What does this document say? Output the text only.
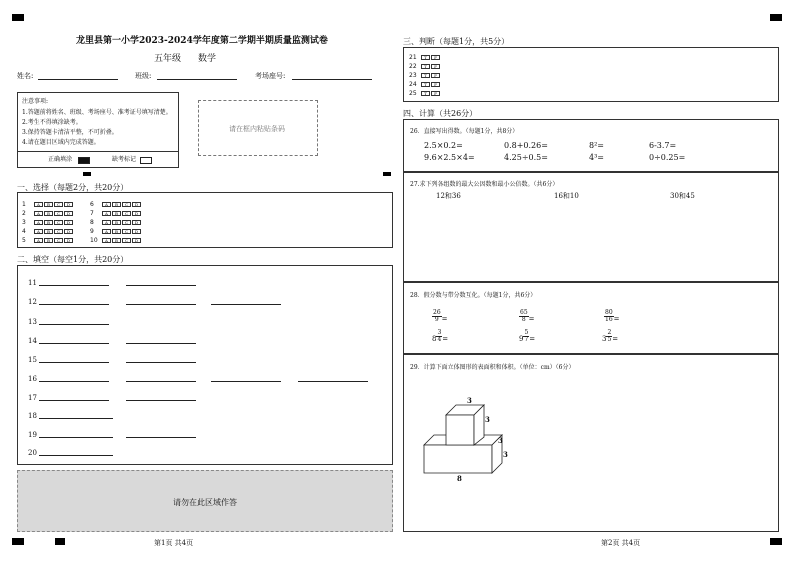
龙里县第一小学2023-2024学年度第二学期半期质量监测试卷
五年级 数学
姓名:	班级:	考场座号:
注意事项:
1.答题前将姓名、班级、考场座号、准考证号填写清楚。
2.考生不得填涂缺考。
3.保持答题卡清洁平整，不可折叠。
4.请在题目区域内完成答题。
正确填涂	缺考标记
请在框内粘贴条码
一、选择（每题2分，共20分）
1	A	B	C	D
2	A	B	C	D
3	A	B	C	D
4	A	B	C	D
5	A	B	C	D
6	A	B	C	D
7	A	B	C	D
8	A	B	C	D
9	A	B	C	D
10	A	B	C	D
二、填空（每空1分，共20分）
11
12
13
14
15
16
17
18
19
20
请勿在此区域作答
第1页 共4页
三、判断（每题1分，共5分）
21	T	F
22	T	F
23	T	F
24	T	F
25	T	F
四、计算（共26分）
26．直接写出得数。（每题1分，共8分）
2.5×0.2=	0.8+0.26=	8²=	6-3.7=
9.6×2.5×4=	4.25÷0.5=	4³=	0÷0.25=
27.求下列各组数的最大公因数和最小公倍数。（共6分）
12和36	16和10	30和45
28．假分数与带分数互化。（每题1分，共6分）
$\frac{26}{9}$ =	$\frac{65}{8}$ =	$\frac{80}{16}$ =
$8 \frac{3}{4}$ =	$9 \frac{5}{7}$ =	$3 \frac{2}{5}$ =
29．计算下面立体图形的表面积和体积。（单位：cm）（6分）
3
3
3
3
8
第2页 共4页
